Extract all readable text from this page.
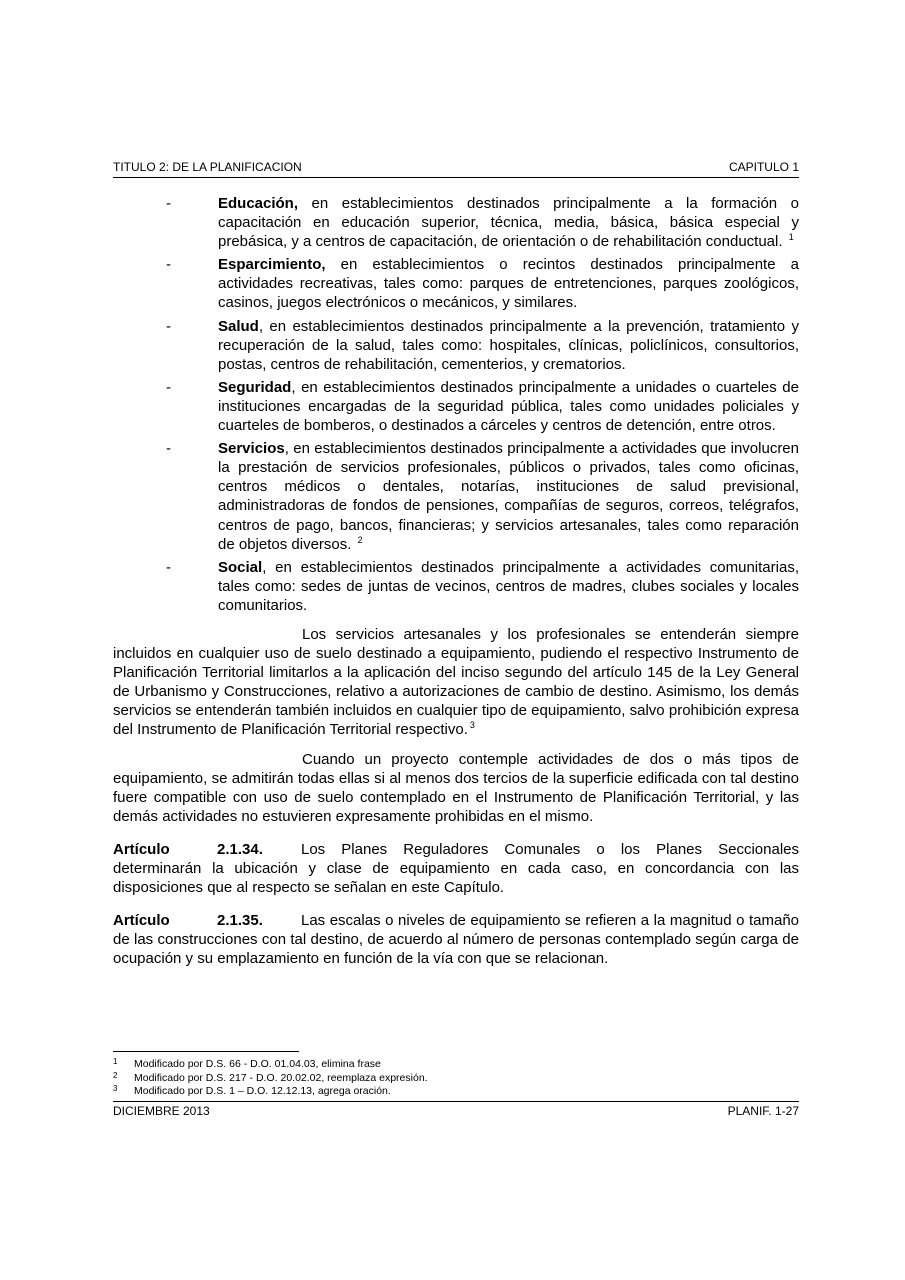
TITULO 2: DE LA PLANIFICACION	CAPITULO 1
-	Educación, en establecimientos destinados principalmente a la formación o capacitación en educación superior, técnica, media, básica, básica especial y prebásica, y a centros de capacitación, de orientación o de rehabilitación conductual. $^1$
-	Esparcimiento, en establecimientos o recintos destinados principalmente a actividades recreativas, tales como: parques de entretenciones, parques zoológicos, casinos, juegos electrónicos o mecánicos, y similares.
-	Salud, en establecimientos destinados principalmente a la prevención, tratamiento y recuperación de la salud, tales como: hospitales, clínicas, policlínicos, consultorios, postas, centros de rehabilitación, cementerios, y crematorios.
-	Seguridad, en establecimientos destinados principalmente a unidades o cuarteles de instituciones encargadas de la seguridad pública, tales como unidades policiales y cuarteles de bomberos, o destinados a cárceles y centros de detención, entre otros.
-	Servicios, en establecimientos destinados principalmente a actividades que involucren la prestación de servicios profesionales, públicos o privados, tales como oficinas, centros médicos o dentales, notarías, instituciones de salud previsional, administradoras de fondos de pensiones, compañías de seguros, correos, telégrafos, centros de pago, bancos, financieras; y servicios artesanales, tales como reparación de objetos diversos. $^2$
-	Social, en establecimientos destinados principalmente a actividades comunitarias, tales como: sedes de juntas de vecinos, centros de madres, clubes sociales y locales comunitarios.

Los servicios artesanales y los profesionales se entenderán siempre incluidos en cualquier uso de suelo destinado a equipamiento, pudiendo el respectivo Instrumento de Planificación Territorial limitarlos a la aplicación del inciso segundo del artículo 145 de la Ley General de Urbanismo y Construcciones, relativo a autorizaciones de cambio de destino. Asimismo, los demás servicios se entenderán también incluidos en cualquier tipo de equipamiento, salvo prohibición expresa del Instrumento de Planificación Territorial respectivo. $^3$

Cuando un proyecto contemple actividades de dos o más tipos de equipamiento, se admitirán todas ellas si al menos dos tercios de la superficie edificada con tal destino fuere compatible con uso de suelo contemplado en el Instrumento de Planificación Territorial, y las demás actividades no estuvieren expresamente prohibidas en el mismo.

Artículo	2.1.34.	Los Planes Reguladores Comunales o los Planes Seccionales determinarán la ubicación y clase de equipamiento en cada caso, en concordancia con las disposiciones que al respecto se señalan en este Capítulo.

Artículo	2.1.35.	Las escalas o niveles de equipamiento se refieren a la magnitud o tamaño de las construcciones con tal destino, de acuerdo al número de personas contemplado según carga de ocupación y su emplazamiento en función de la vía con que se relacionan.

1 Modificado por D.S. 66 - D.O. 01.04.03, elimina frase
2 Modificado por D.S. 217 - D.O. 20.02.02, reemplaza expresión.
3 Modificado por D.S. 1 – D.O. 12.12.13, agrega oración.
DICIEMBRE 2013	PLANIF. 1-27
